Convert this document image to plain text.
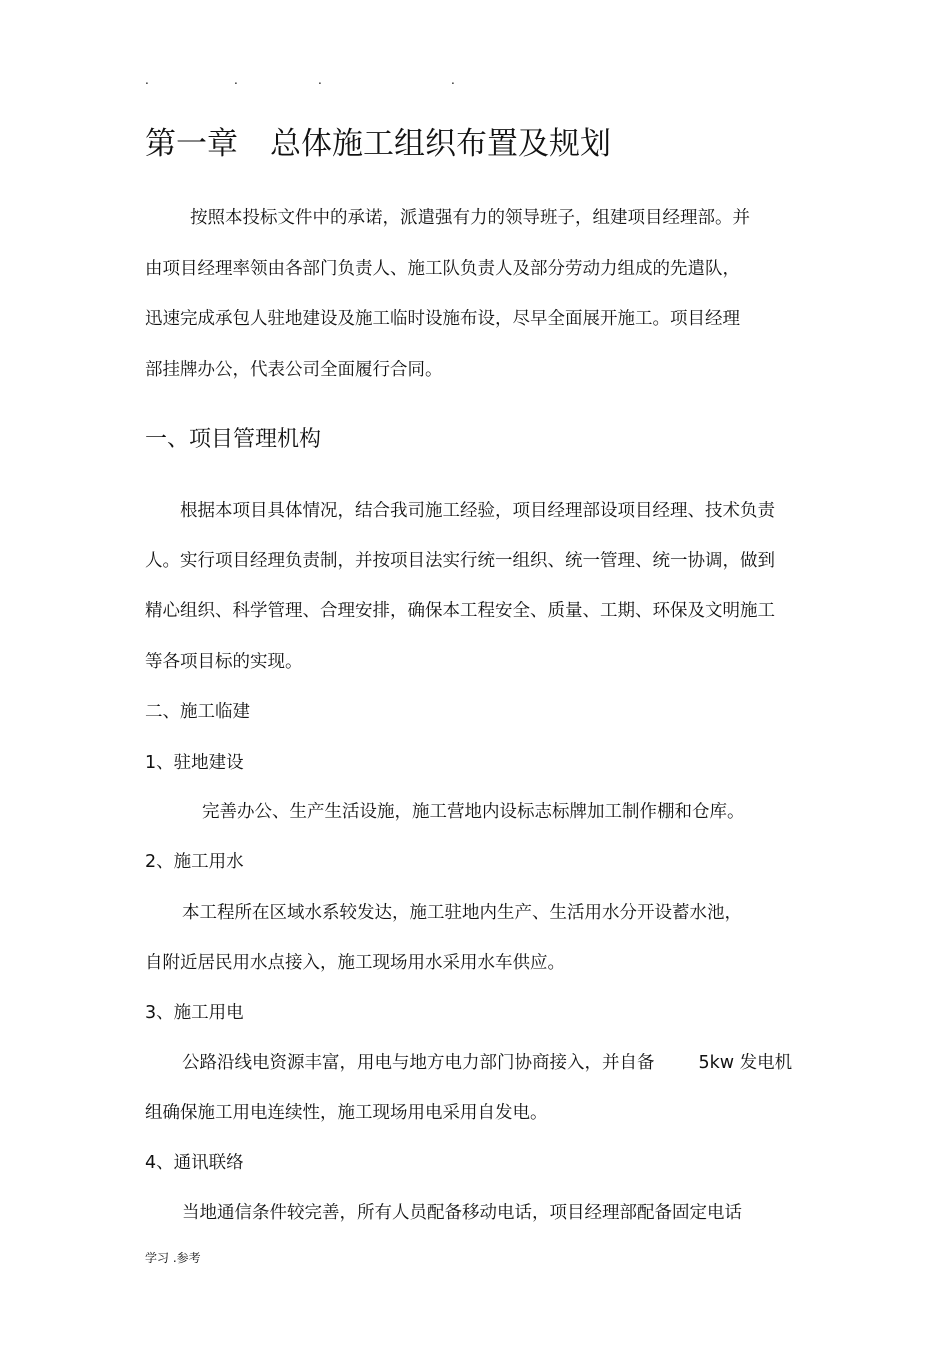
.	.	.	.
第一章 总体施工组织布置及规划
按照本投标文件中的承诺，派遣强有力的领导班子，组建项目经理部。并
由项目经理率领由各部门负责人、施工队负责人及部分劳动力组成的先遣队，
迅速完成承包人驻地建设及施工临时设施布设，尽早全面展开施工。项目经理
部挂牌办公，代表公司全面履行合同。
一、项目管理机构
根据本项目具体情况，结合我司施工经验，项目经理部设项目经理、技术负责
人。实行项目经理负责制，并按项目法实行统一组织、统一管理、统一协调，做到
精心组织、科学管理、合理安排，确保本工程安全、质量、工期、环保及文明施工
等各项目标的实现。
二、施工临建
1、驻地建设
完善办公、生产生活设施，施工营地内设标志标牌加工制作棚和仓库。
2、施工用水
本工程所在区域水系较发达，施工驻地内生产、生活用水分开设蓄水池，
自附近居民用水点接入，施工现场用水采用水车供应。
3、施工用电
公路沿线电资源丰富，用电与地方电力部门协商接入，并自备	5kw 发电机
组确保施工用电连续性，施工现场用电采用自发电。
4、通讯联络
当地通信条件较完善，所有人员配备移动电话，项目经理部配备固定电话
学习 .参考
